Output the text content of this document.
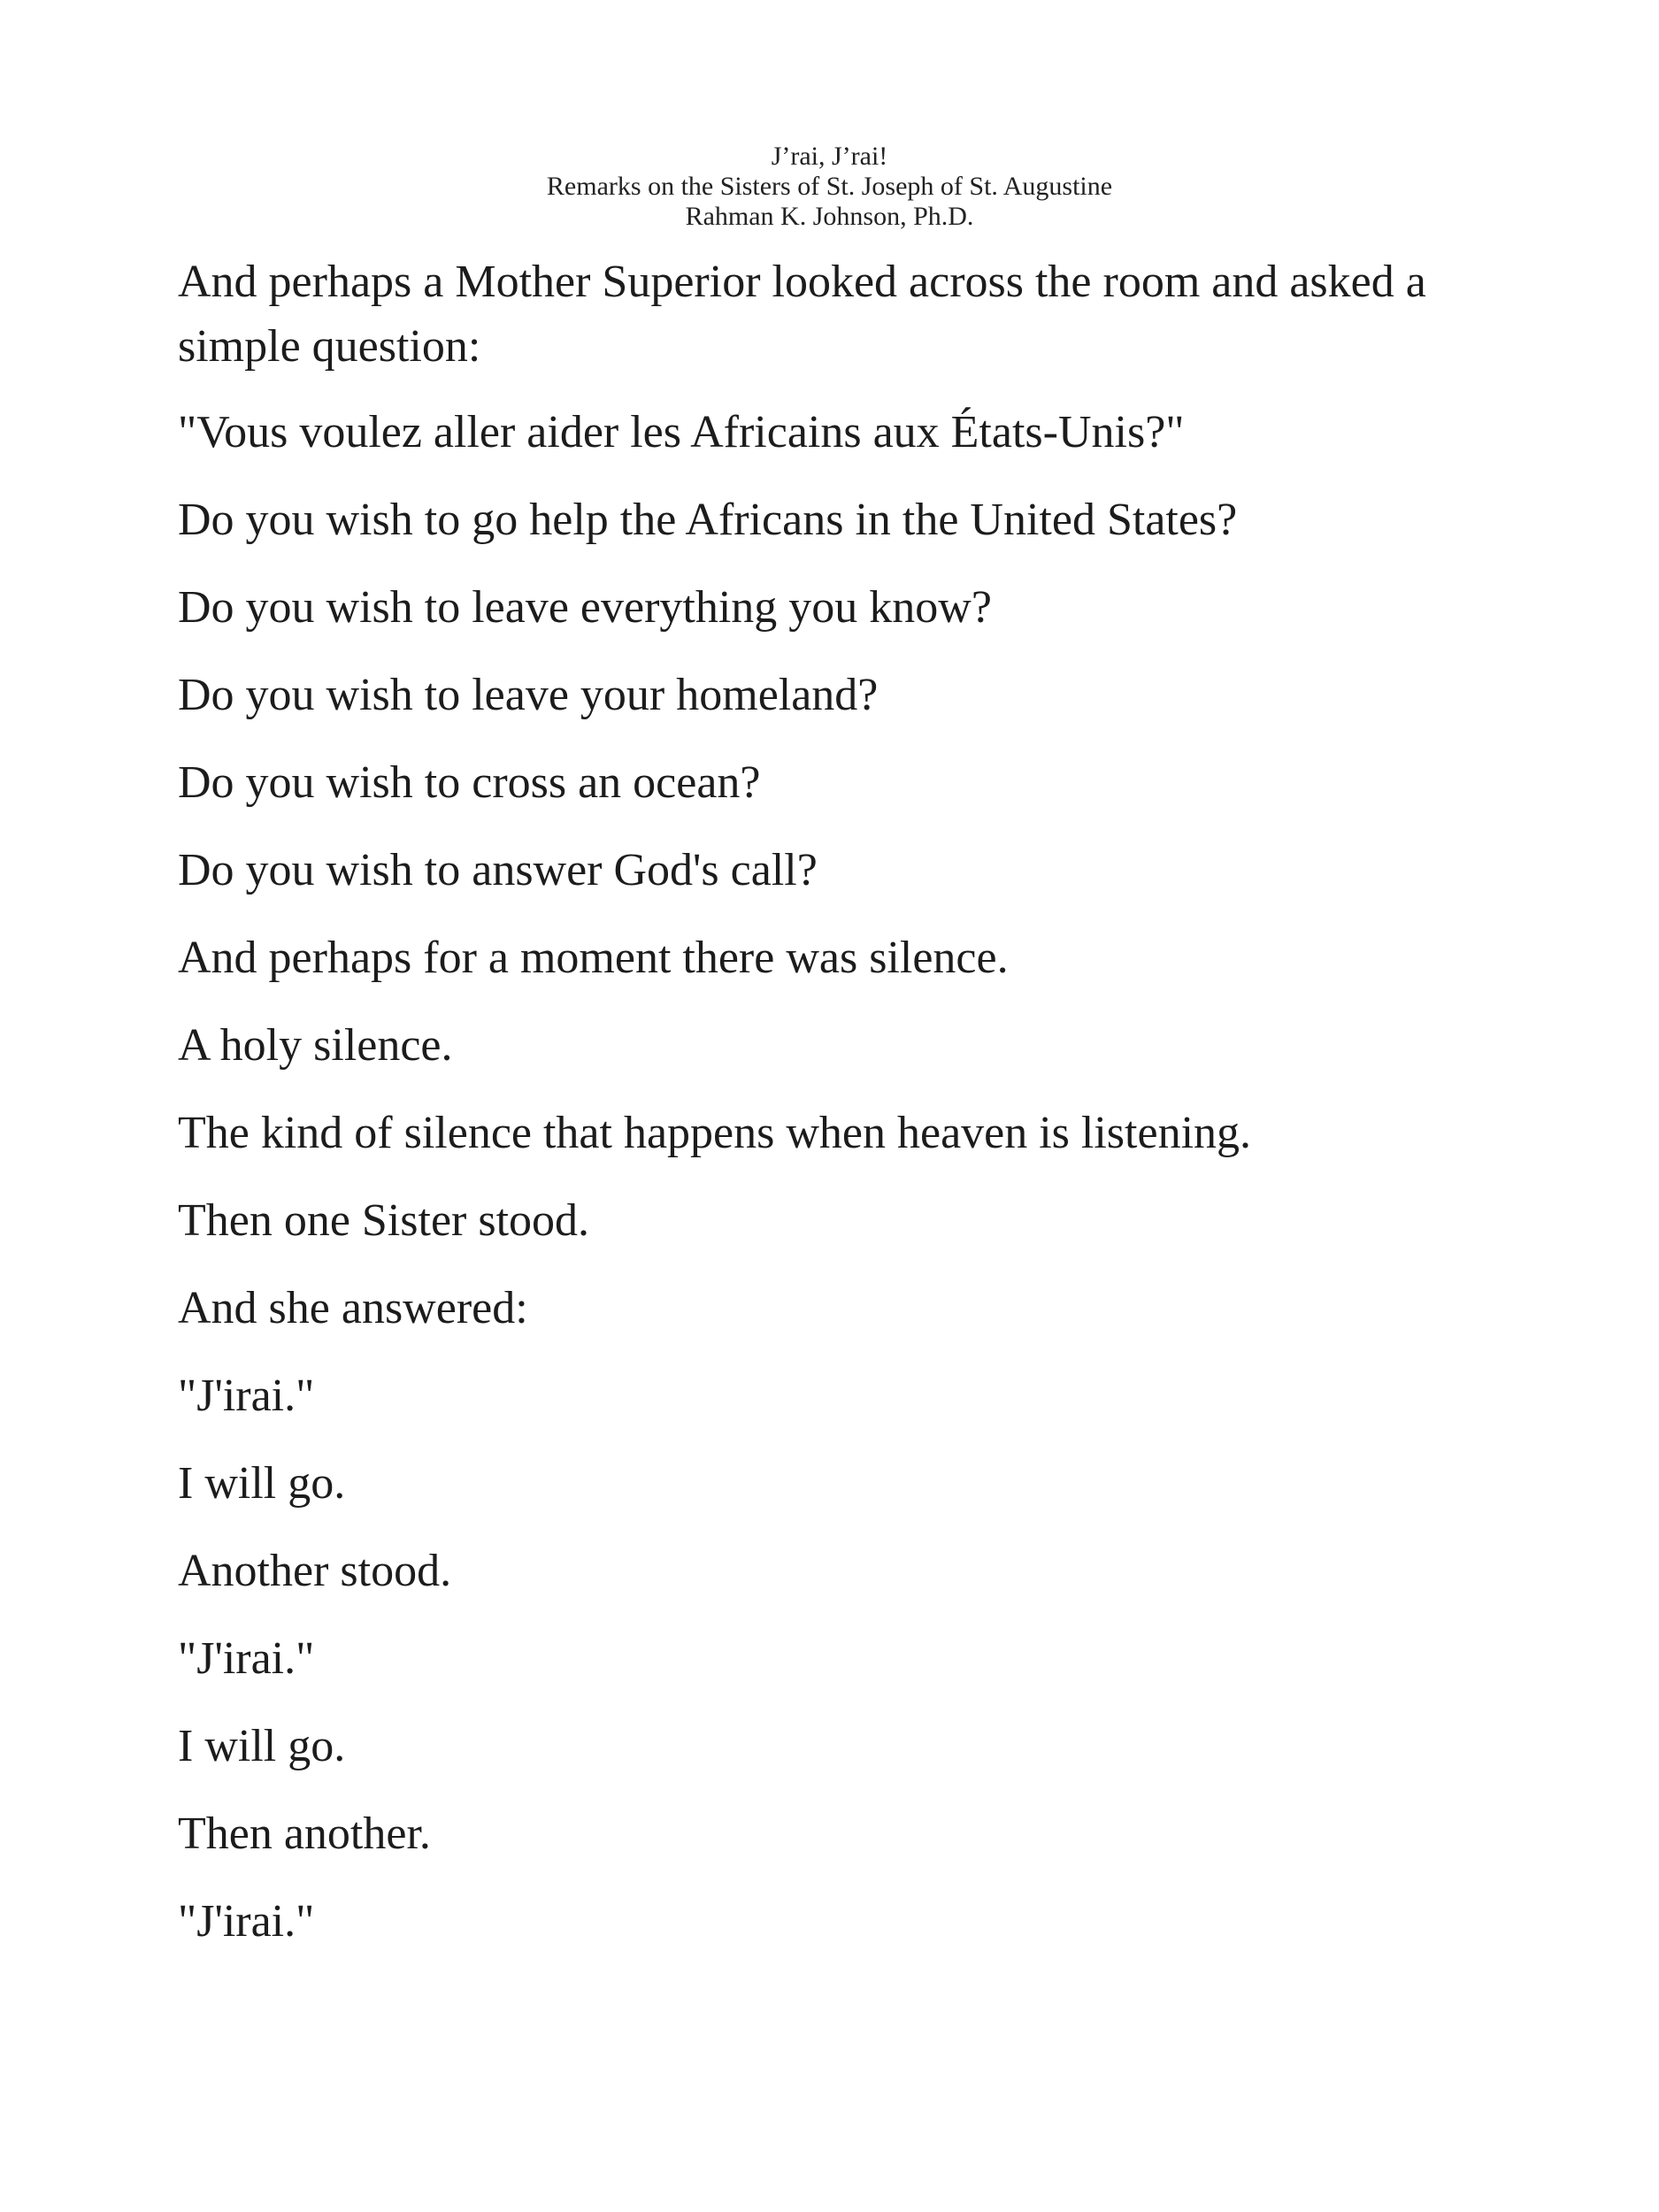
J’rai, J’rai!
Remarks on the Sisters of St. Joseph of St. Augustine
Rahman K. Johnson, Ph.D.

And perhaps a Mother Superior looked across the room and asked a simple question:

"Vous voulez aller aider les Africains aux États-Unis?"

Do you wish to go help the Africans in the United States?

Do you wish to leave everything you know?

Do you wish to leave your homeland?

Do you wish to cross an ocean?

Do you wish to answer God's call?

And perhaps for a moment there was silence.

A holy silence.

The kind of silence that happens when heaven is listening.

Then one Sister stood.

And she answered:

"J'irai."

I will go.

Another stood.

"J'irai."

I will go.

Then another.

"J'irai."
